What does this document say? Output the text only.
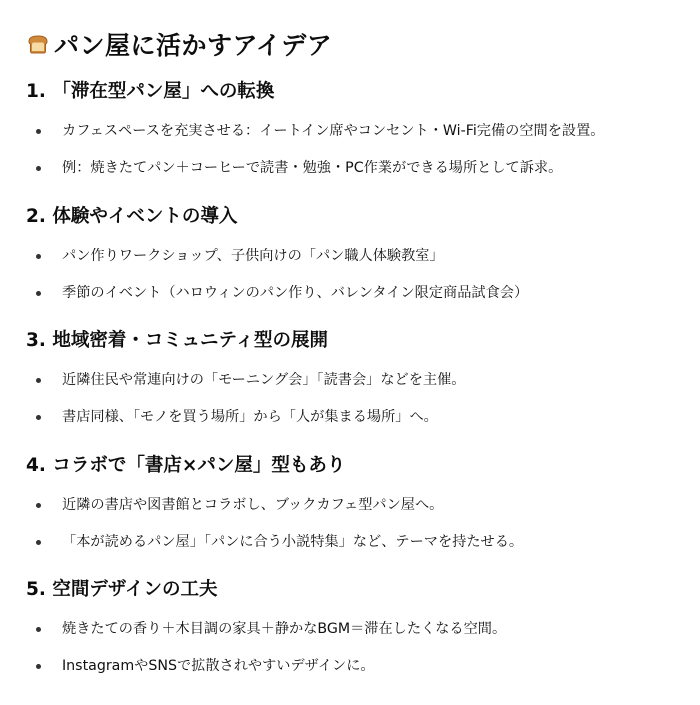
パン屋に活かすアイデア
1. 「滞在型パン屋」への転換
カフェスペースを充実させる：イートイン席やコンセント・Wi-Fi完備の空間を設置。
例：焼きたてパン＋コーヒーで読書・勉強・PC作業ができる場所として訴求。
2. 体験やイベントの導入
パン作りワークショップ、子供向けの「パン職人体験教室」
季節のイベント（ハロウィンのパン作り、バレンタイン限定商品試食会）
3. 地域密着・コミュニティ型の展開
近隣住民や常連向けの「モーニング会」「読書会」などを主催。
書店同様、「モノを買う場所」から「人が集まる場所」へ。
4. コラボで「書店×パン屋」型もあり
近隣の書店や図書館とコラボし、ブックカフェ型パン屋へ。
「本が読めるパン屋」「パンに合う小説特集」など、テーマを持たせる。
5. 空間デザインの工夫
焼きたての香り＋木目調の家具＋静かなBGM＝滞在したくなる空間。
InstagramやSNSで拡散されやすいデザインに。
